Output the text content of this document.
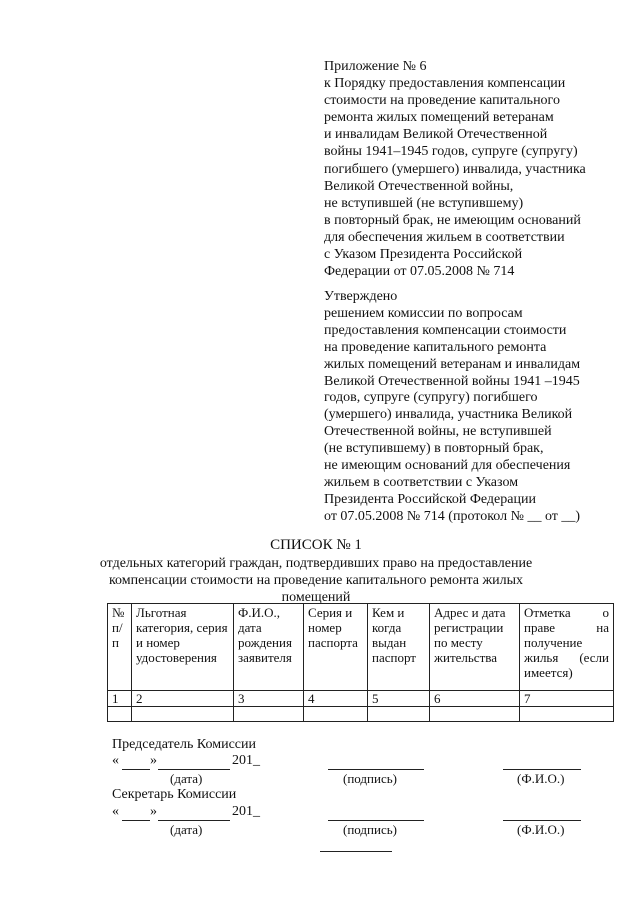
Приложение № 6
к Порядку предоставления компенсации
стоимости на проведение капитального
ремонта жилых помещений ветеранам
и инвалидам Великой Отечественной
войны 1941–1945 годов, супруге (супругу)
погибшего (умершего) инвалида, участника
Великой Отечественной войны,
не вступившей (не вступившему)
в повторный брак, не имеющим оснований
для обеспечения жильем в соответствии
с Указом Президента Российской
Федерации от 07.05.2008 № 714
Утверждено
решением комиссии по вопросам
предоставления компенсации стоимости
на проведение капитального ремонта
жилых помещений ветеранам и инвалидам
Великой Отечественной войны 1941 –1945
годов, супруге (супругу) погибшего
(умершего) инвалида, участника Великой
Отечественной войны, не вступившей
(не вступившему) в повторный брак,
не имеющим оснований для обеспечения
жильем в соответствии с Указом
Президента Российской Федерации
от 07.05.2008 № 714 (протокол № __ от __)
СПИСОК № 1
отдельных категорий граждан, подтвердивших право на предоставление
компенсации стоимости на проведение капитального ремонта жилых
помещений
№ п/п	Льготная категория, серия и номер удостоверения	Ф.И.О., дата рождения заявителя	Серия и номер паспорта	Кем и когда выдан паспорт	Адрес и дата регистрации по месту жительства	Отметка о праве на получение жилья (если имеется)
1	2	3	4	5	6	7

Председатель Комиссии
« »	201_
(дата)	(подпись)	(Ф.И.О.)
Секретарь Комиссии
« »	201_
(дата)	(подпись)	(Ф.И.О.)
